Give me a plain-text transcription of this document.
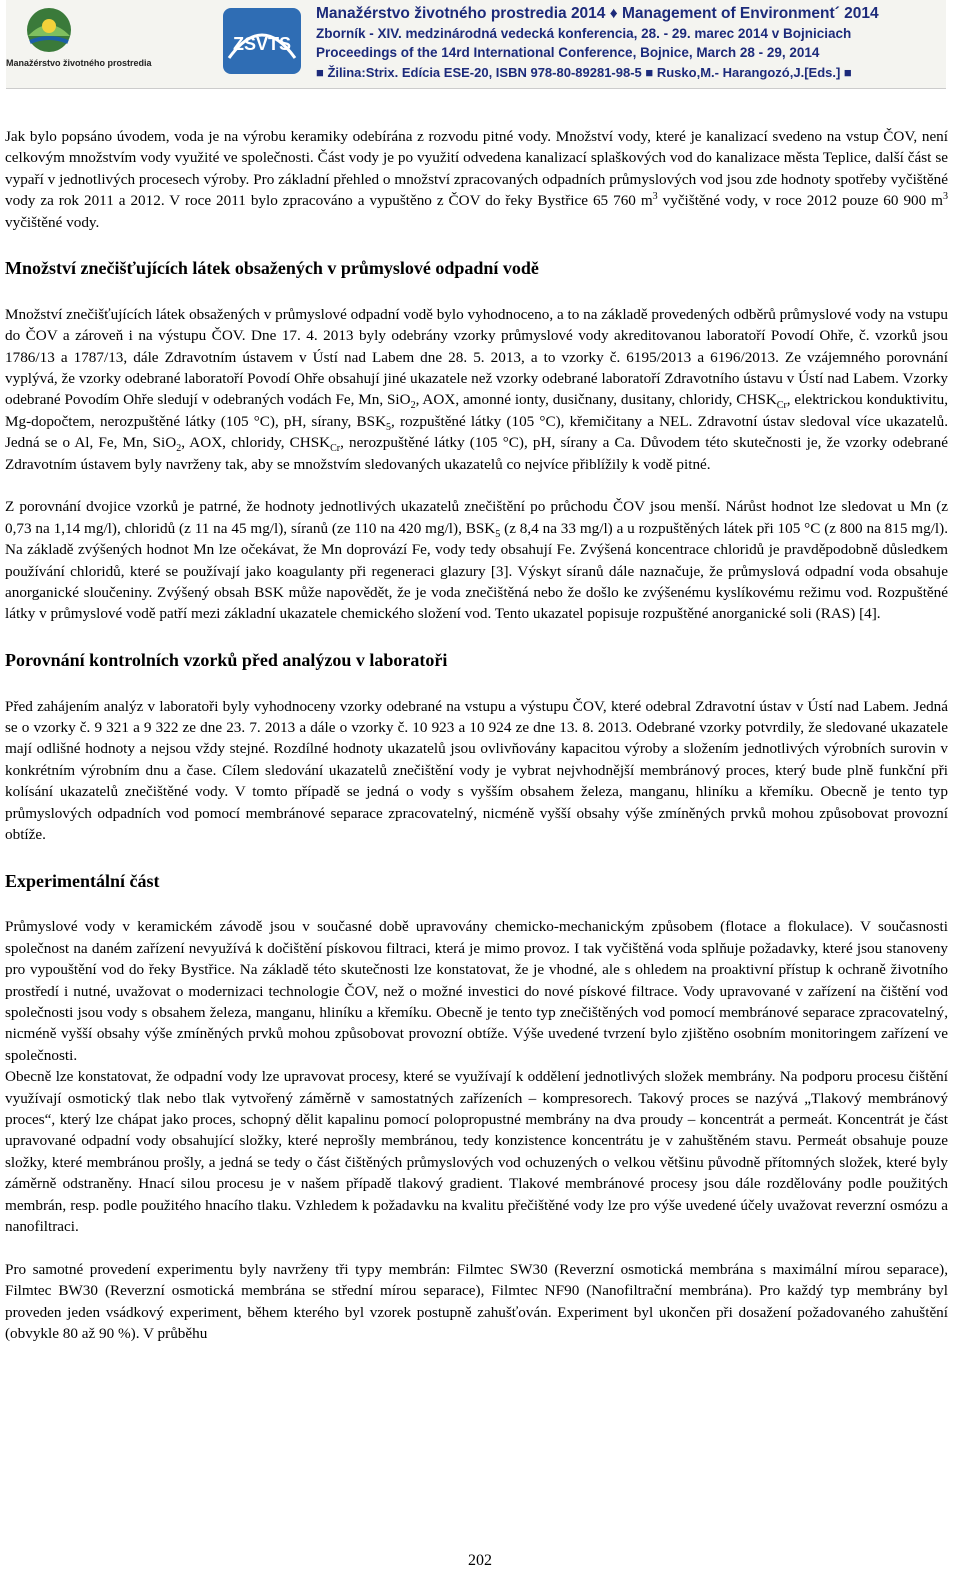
Manažérstvo životného prostredia
ZSVTS
Manažérstvo životného prostredia 2014 ♦ Management of Environment´ 2014
Zborník - XIV. medzinárodná vedecká konferencia, 28. - 29. marec 2014 v Bojniciach
Proceedings of the 14rd International Conference, Bojnice, March 28 - 29, 2014
■ Žilina:Strix. Edícia ESE-20, ISBN 978-80-89281-98-5 ■ Rusko,M.- Harangozó,J.[Eds.] ■

Jak bylo popsáno úvodem, voda je na výrobu keramiky odebírána z rozvodu pitné vody. Množství vody, které je kanalizací svedeno na vstup ČOV, není celkovým množstvím vody využité ve společnosti. Část vody je po využití odvedena kanalizací splaškových vod do kanalizace města Teplice, další část se vypaří v jednotlivých procesech výroby. Pro základní přehled o množství zpracovaných odpadních průmyslových vod jsou zde hodnoty spotřeby vyčištěné vody za rok 2011 a 2012. V roce 2011 bylo zpracováno a vypuštěno z ČOV do řeky Bystřice 65 760 $m^3$ vyčištěné vody, v roce 2012 pouze 60 900 $m^3$ vyčištěné vody.

Množství znečišťujících látek obsažených v průmyslové odpadní vodě

Množství znečišťujících látek obsažených v průmyslové odpadní vodě bylo vyhodnoceno, a to na základě provedených odběrů průmyslové vody na vstupu do ČOV a zároveň i na výstupu ČOV. Dne 17. 4. 2013 byly odebrány vzorky průmyslové vody akreditovanou laboratoří Povodí Ohře, č. vzorků jsou 1786/13 a 1787/13, dále Zdravotním ústavem v Ústí nad Labem dne 28. 5. 2013, a to vzorky č. 6195/2013 a 6196/2013. Ze vzájemného porovnání vyplývá, že vzorky odebrané laboratoří Povodí Ohře obsahují jiné ukazatele než vzorky odebrané laboratoří Zdravotního ústavu v Ústí nad Labem. Vzorky odebrané Povodím Ohře sledují v odebraných vodách Fe, Mn, SiO$_2$, AOX, amonné ionty, dusičnany, dusitany, chloridy, $CHSK_{Cr}$, elektrickou konduktivitu, Mg-dopočtem, nerozpuštěné látky (105 °C), pH, sírany, $BSK_5$, rozpuštěné látky (105 °C), křemičitany a NEL. Zdravotní ústav sledoval více ukazatelů. Jedná se o Al, Fe, Mn, SiO$_2$, AOX, chloridy, $CHSK_{Cr}$, nerozpuštěné látky (105 °C), pH, sírany a Ca. Důvodem této skutečnosti je, že vzorky odebrané Zdravotním ústavem byly navrženy tak, aby se množstvím sledovaných ukazatelů co nejvíce přiblížily k vodě pitné.

Z porovnání dvojice vzorků je patrné, že hodnoty jednotlivých ukazatelů znečištění po průchodu ČOV jsou menší. Nárůst hodnot lze sledovat u Mn (z 0,73 na 1,14 mg/l), chloridů (z 11 na 45 mg/l), síranů (ze 110 na 420 mg/l), $BSK_5$ (z 8,4 na 33 mg/l) a u rozpuštěných látek při 105 °C (z 800 na 815 mg/l). Na základě zvýšených hodnot Mn lze očekávat, že Mn doprovází Fe, vody tedy obsahují Fe. Zvýšená koncentrace chloridů je pravděpodobně důsledkem používání chloridů, které se používají jako koagulanty při regeneraci glazury [3]. Výskyt síranů dále naznačuje, že průmyslová odpadní voda obsahuje anorganické sloučeniny. Zvýšený obsah BSK může napovědět, že je voda znečištěná nebo že došlo ke zvýšenému kyslíkovému režimu vod. Rozpuštěné látky v průmyslové vodě patří mezi základní ukazatele chemického složení vod. Tento ukazatel popisuje rozpuštěné anorganické soli (RAS) [4].

Porovnání kontrolních vzorků před analýzou v laboratoři

Před zahájením analýz v laboratoři byly vyhodnoceny vzorky odebrané na vstupu a výstupu ČOV, které odebral Zdravotní ústav v Ústí nad Labem. Jedná se o vzorky č. 9 321 a 9 322 ze dne 23. 7. 2013 a dále o vzorky č. 10 923 a 10 924 ze dne 13. 8. 2013. Odebrané vzorky potvrdily, že sledované ukazatele mají odlišné hodnoty a nejsou vždy stejné. Rozdílné hodnoty ukazatelů jsou ovlivňovány kapacitou výroby a složením jednotlivých výrobních surovin v konkrétním výrobním dnu a čase. Cílem sledování ukazatelů znečištění vody je vybrat nejvhodnější membránový proces, který bude plně funkční při kolísání ukazatelů znečištěné vody. V tomto případě se jedná o vody s vyšším obsahem železa, manganu, hliníku a křemíku. Obecně je tento typ průmyslových odpadních vod pomocí membránové separace zpracovatelný, nicméně vyšší obsahy výše zmíněných prvků mohou způsobovat provozní obtíže.

Experimentální část

Průmyslové vody v keramickém závodě jsou v současné době upravovány chemicko-mechanickým způsobem (flotace a flokulace). V současnosti společnost na daném zařízení nevyužívá k dočištění pískovou filtraci, která je mimo provoz. I tak vyčištěná voda splňuje požadavky, které jsou stanoveny pro vypouštění vod do řeky Bystřice. Na základě této skutečnosti lze konstatovat, že je vhodné, ale s ohledem na proaktivní přístup k ochraně životního prostředí i nutné, uvažovat o modernizaci technologie ČOV, než o možné investici do nové pískové filtrace. Vody upravované v zařízení na čištění vod společnosti jsou vody s obsahem železa, manganu, hliníku a křemíku. Obecně je tento typ znečištěných vod pomocí membránové separace zpracovatelný, nicméně vyšší obsahy výše zmíněných prvků mohou způsobovat provozní obtíže. Výše uvedené tvrzení bylo zjištěno osobním monitoringem zařízení ve společnosti.

Obecně lze konstatovat, že odpadní vody lze upravovat procesy, které se využívají k oddělení jednotlivých složek membrány. Na podporu procesu čištění využívají osmotický tlak nebo tlak vytvořený záměrně v samostatných zařízeních – kompresorech. Takový proces se nazývá „Tlakový membránový proces“, který lze chápat jako proces, schopný dělit kapalinu pomocí polopropustné membrány na dva proudy – koncentrát a permeát. Koncentrát je část upravované odpadní vody obsahující složky, které neprošly membránou, tedy konzistence koncentrátu je v zahuštěném stavu. Permeát obsahuje pouze složky, které membránou prošly, a jedná se tedy o část čištěných průmyslových vod ochuzených o velkou většinu původně přítomných složek, které byly záměrně odstraněny. Hnací silou procesu je v našem případě tlakový gradient. Tlakové membránové procesy jsou dále rozdělovány podle použitých membrán, resp. podle použitého hnacího tlaku. Vzhledem k požadavku na kvalitu přečištěné vody lze pro výše uvedené účely uvažovat reverzní osmózu a nanofiltraci.

Pro samotné provedení experimentu byly navrženy tři typy membrán: Filmtec SW30 (Reverzní osmotická membrána s maximální mírou separace), Filmtec BW30 (Reverzní osmotická membrána se střední mírou separace), Filmtec NF90 (Nanofiltrační membrána). Pro každý typ membrány byl proveden jeden vsádkový experiment, během kterého byl vzorek postupně zahušťován. Experiment byl ukončen při dosažení požadovaného zahuštění (obvykle 80 až 90 %). V průběhu

202
